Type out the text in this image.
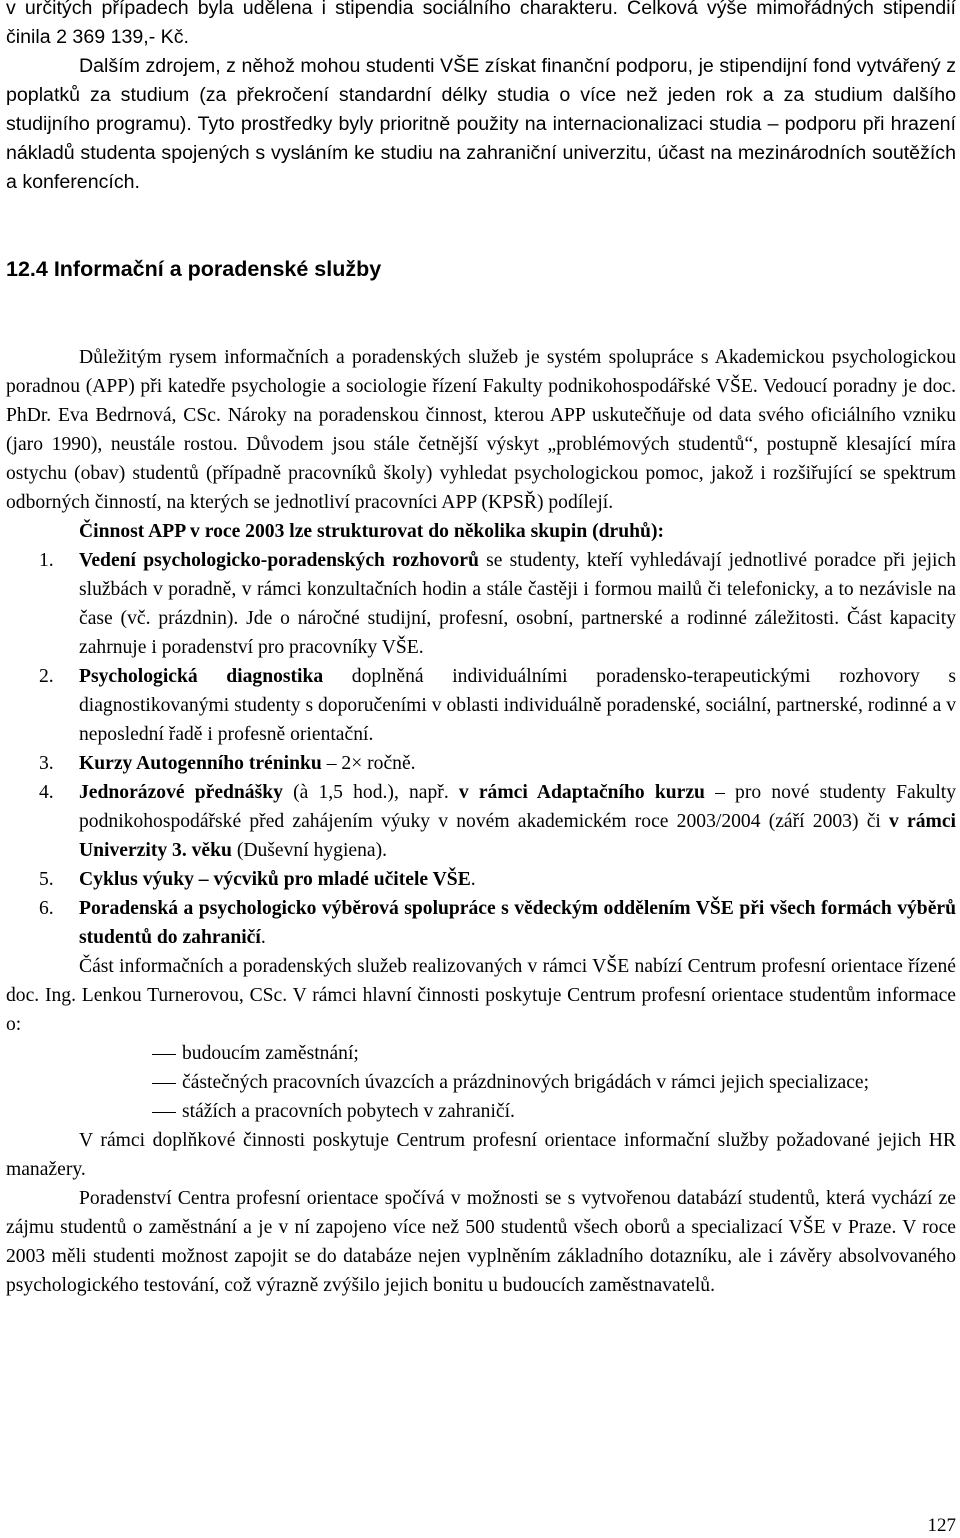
v určitých případech byla udělena i stipendia sociálního charakteru. Celková výše mimořádných stipendií činila 2 369 139,- Kč.

Dalším zdrojem, z něhož mohou studenti VŠE získat finanční podporu, je stipendijní fond vytvářený z poplatků za studium (za překročení standardní délky studia o více než jeden rok a za studium dalšího studijního programu). Tyto prostředky byly prioritně použity na internacionalizaci studia – podporu při hrazení nákladů studenta spojených s vysláním ke studiu na zahraniční univerzitu, účast na mezinárodních soutěžích a konferencích.

12.4 Informační a poradenské služby

Důležitým rysem informačních a poradenských služeb je systém spolupráce s Akademickou psychologickou poradnou (APP) při katedře psychologie a sociologie řízení Fakulty podnikohospodářské VŠE. Vedoucí poradny je doc. PhDr. Eva Bedrnová, CSc. Nároky na poradenskou činnost, kterou APP uskutečňuje od data svého oficiálního vzniku (jaro 1990), neustále rostou. Důvodem jsou stále četnější výskyt „problémových studentů“, postupně klesající míra ostychu (obav) studentů (případně pracovníků školy) vyhledat psychologickou pomoc, jakož i rozšiřující se spektrum odborných činností, na kterých se jednotliví pracovníci APP (KPSŘ) podílejí.

Činnost APP v roce 2003 lze strukturovat do několika skupin (druhů):

1.	Vedení psychologicko-poradenských rozhovorů se studenty, kteří vyhledávají jednotlivé poradce při jejich službách v poradně, v rámci konzultačních hodin a stále častěji i formou mailů či telefonicky, a to nezávisle na čase (vč. prázdnin). Jde o náročné studijní, profesní, osobní, partnerské a rodinné záležitosti. Část kapacity zahrnuje i poradenství pro pracovníky VŠE.
2.	Psychologická diagnostika doplněná individuálními poradensko-terapeutickými rozhovory s diagnostikovanými studenty s doporučeními v oblasti individuálně poradenské, sociální, partnerské, rodinné a v neposlední řadě i profesně orientační.
3.	Kurzy Autogenního tréninku – 2× ročně.
4.	Jednorázové přednášky (à 1,5 hod.), např. v rámci Adaptačního kurzu – pro nové studenty Fakulty podnikohospodářské před zahájením výuky v novém akademickém roce 2003/2004 (září 2003) či v rámci Univerzity 3. věku (Duševní hygiena).
5.	Cyklus výuky – výcviků pro mladé učitele VŠE.
6.	Poradenská a psychologicko výběrová spolupráce s vědeckým oddělením VŠE při všech formách výběrů studentů do zahraničí.

Část informačních a poradenských služeb realizovaných v rámci VŠE nabízí Centrum profesní orientace řízené doc. Ing. Lenkou Turnerovou, CSc. V rámci hlavní činnosti poskytuje Centrum profesní orientace studentům informace o:

budoucím zaměstnání;
částečných pracovních úvazcích a prázdninových brigádách v rámci jejich specializace;
stážích a pracovních pobytech v zahraničí.

V rámci doplňkové činnosti poskytuje Centrum profesní orientace informační služby požadované jejich HR manažery.

Poradenství Centra profesní orientace spočívá v možnosti se s vytvořenou databází studentů, která vychází ze zájmu studentů o zaměstnání a je v ní zapojeno více než 500 studentů všech oborů a specializací VŠE v Praze. V roce 2003 měli studenti možnost zapojit se do databáze nejen vyplněním základního dotazníku, ale i závěry absolvovaného psychologického testování, což výrazně zvýšilo jejich bonitu u budoucích zaměstnavatelů.

127
